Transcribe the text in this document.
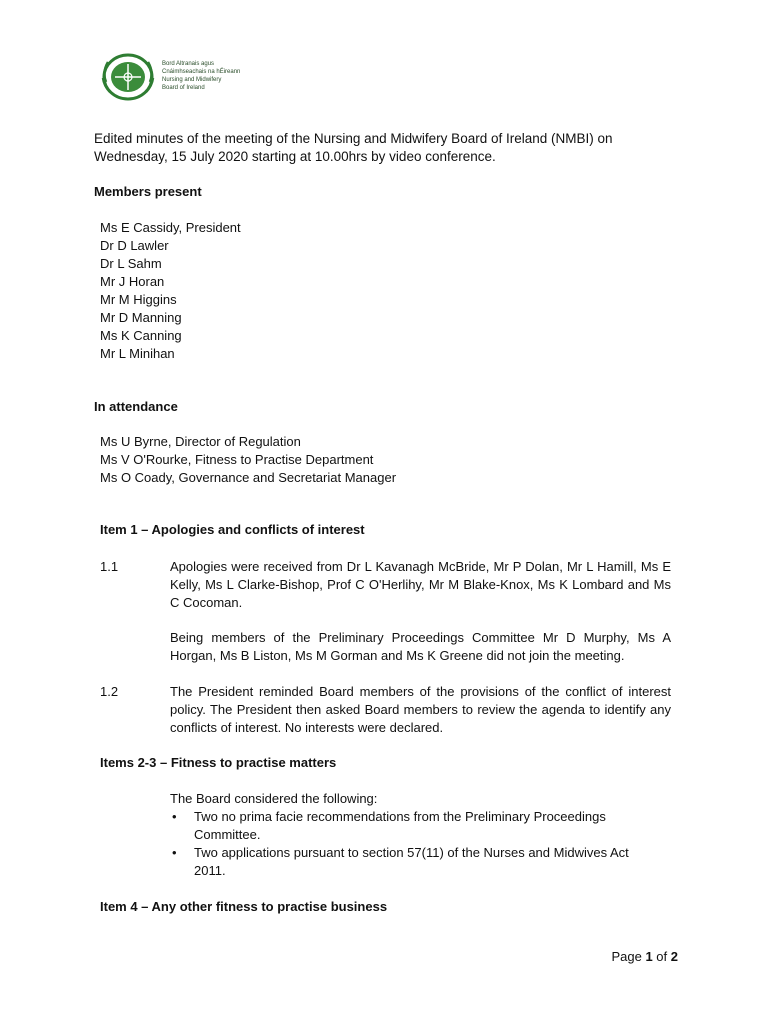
Bord Altranais agus
Cnáimhseachais na hÉireann
Nursing and Midwifery
Board of Ireland
Edited minutes of the meeting of the Nursing and Midwifery Board of Ireland (NMBI) on Wednesday, 15 July 2020 starting at 10.00hrs by video conference.
Members present
Ms E Cassidy, President
Dr D Lawler
Dr L Sahm
Mr J Horan
Mr M Higgins
Mr D Manning
Ms K Canning
Mr L Minihan
In attendance
Ms U Byrne, Director of Regulation
Ms V O'Rourke, Fitness to Practise Department
Ms O Coady, Governance and Secretariat Manager
Item 1 – Apologies and conflicts of interest
1.1	Apologies were received from Dr L Kavanagh McBride, Mr P Dolan, Mr L Hamill, Ms E Kelly, Ms L Clarke-Bishop, Prof C O'Herlihy, Mr M Blake-Knox, Ms K Lombard and Ms C Cocoman.
Being members of the Preliminary Proceedings Committee Mr D Murphy, Ms A Horgan, Ms B Liston, Ms M Gorman and Ms K Greene did not join the meeting.
1.2	The President reminded Board members of the provisions of the conflict of interest policy. The President then asked Board members to review the agenda to identify any conflicts of interest. No interests were declared.
Items 2-3 – Fitness to practise matters
The Board considered the following:
• Two no prima facie recommendations from the Preliminary Proceedings Committee.
• Two applications pursuant to section 57(11) of the Nurses and Midwives Act 2011.
Item 4 – Any other fitness to practise business
Page 1 of 2
